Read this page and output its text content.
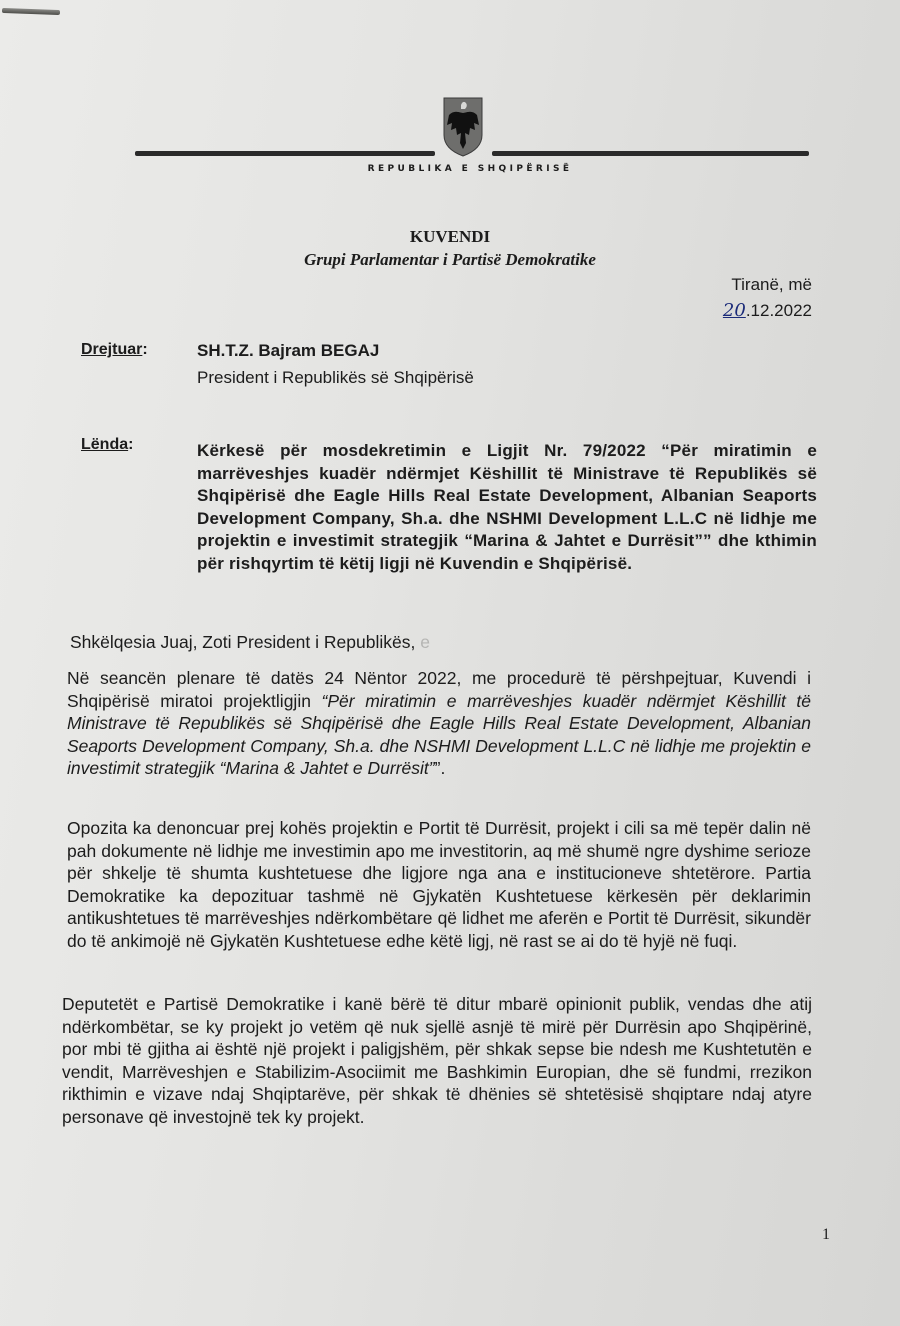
REPUBLIKA E SHQIPËRISË
KUVENDI
Grupi Parlamentar i Partisë Demokratike
Tiranë, më
20.12.2022
Drejtuar:	SH.T.Z. Bajram BEGAJ
President i Republikës së Shqipërisë
Lënda:	Kërkesë për mosdekretimin e Ligjit Nr. 79/2022 “Për miratimin e marrëveshjes kuadër ndërmjet Këshillit të Ministrave të Republikës së Shqipërisë dhe Eagle Hills Real Estate Development, Albanian Seaports Development Company, Sh.a. dhe NSHMI Development L.L.C në lidhje me projektin e investimit strategjik “Marina & Jahtet e Durrësit”” dhe kthimin për rishqyrtim të këtij ligji në Kuvendin e Shqipërisë.
Shkëlqesia Juaj, Zoti President i Republikës, e
Në seancën plenare të datës 24 Nëntor 2022, me procedurë të përshpejtuar, Kuvendi i Shqipërisë miratoi projektligjin “Për miratimin e marrëveshjes kuadër ndërmjet Këshillit të Ministrave të Republikës së Shqipërisë dhe Eagle Hills Real Estate Development, Albanian Seaports Development Company, Sh.a. dhe NSHMI Development L.L.C në lidhje me projektin e investimit strategjik “Marina & Jahtet e Durrësit””.
Opozita ka denoncuar prej kohës projektin e Portit të Durrësit, projekt i cili sa më tepër dalin në pah dokumente në lidhje me investimin apo me investitorin, aq më shumë ngre dyshime serioze për shkelje të shumta kushtetuese dhe ligjore nga ana e institucioneve shtetërore. Partia Demokratike ka depozituar tashmë në Gjykatën Kushtetuese kërkesën për deklarimin antikushtetues të marrëveshjes ndërkombëtare që lidhet me aferën e Portit të Durrësit, sikundër do të ankimojë në Gjykatën Kushtetuese edhe këtë ligj, në rast se ai do të hyjë në fuqi.
Deputetët e Partisë Demokratike i kanë bërë të ditur mbarë opinionit publik, vendas dhe atij ndërkombëtar, se ky projekt jo vetëm që nuk sjellë asnjë të mirë për Durrësin apo Shqipërinë, por mbi të gjitha ai është një projekt i paligjshëm, për shkak sepse bie ndesh me Kushtetutën e vendit, Marrëveshjen e Stabilizim-Asociimit me Bashkimin Europian, dhe së fundmi, rrezikon rikthimin e vizave ndaj Shqiptarëve, për shkak të dhënies së shtetësisë shqiptare ndaj atyre personave që investojnë tek ky projekt.
1
